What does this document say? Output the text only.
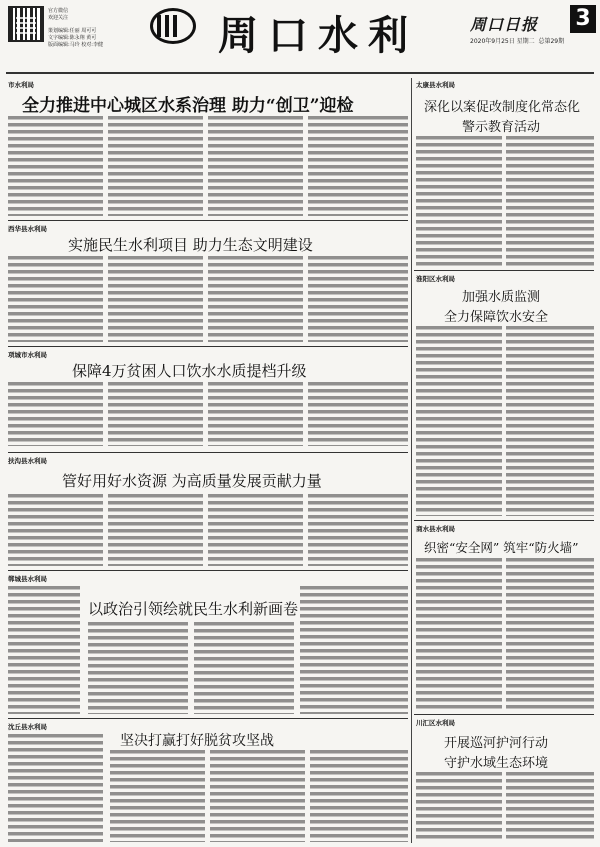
官方微信
欢迎关注
策划编辑:任丽 周可可
文字编辑:陈永翔 黄可
版面编辑:马玲 校对:李健	周口水利	周口日报 3
2020年9月25日 星期二 总第29期
市水利局
全力推进中心城区水系治理 助力“创卫”迎检
西华县水利局
实施民生水利项目 助力生态文明建设
项城市水利局
保障4万贫困人口饮水水质提档升级
扶沟县水利局
管好用好水资源 为高质量发展贡献力量
郸城县水利局
以政治引领绘就民生水利新画卷
沈丘县水利局
坚决打赢打好脱贫攻坚战
太康县水利局
深化以案促改制度化常态化
警示教育活动
淮阳区水利局
加强水质监测
全力保障饮水安全
商水县水利局
织密“安全网” 筑牢“防火墙”
川汇区水利局
开展巡河护河行动
守护水域生态环境
